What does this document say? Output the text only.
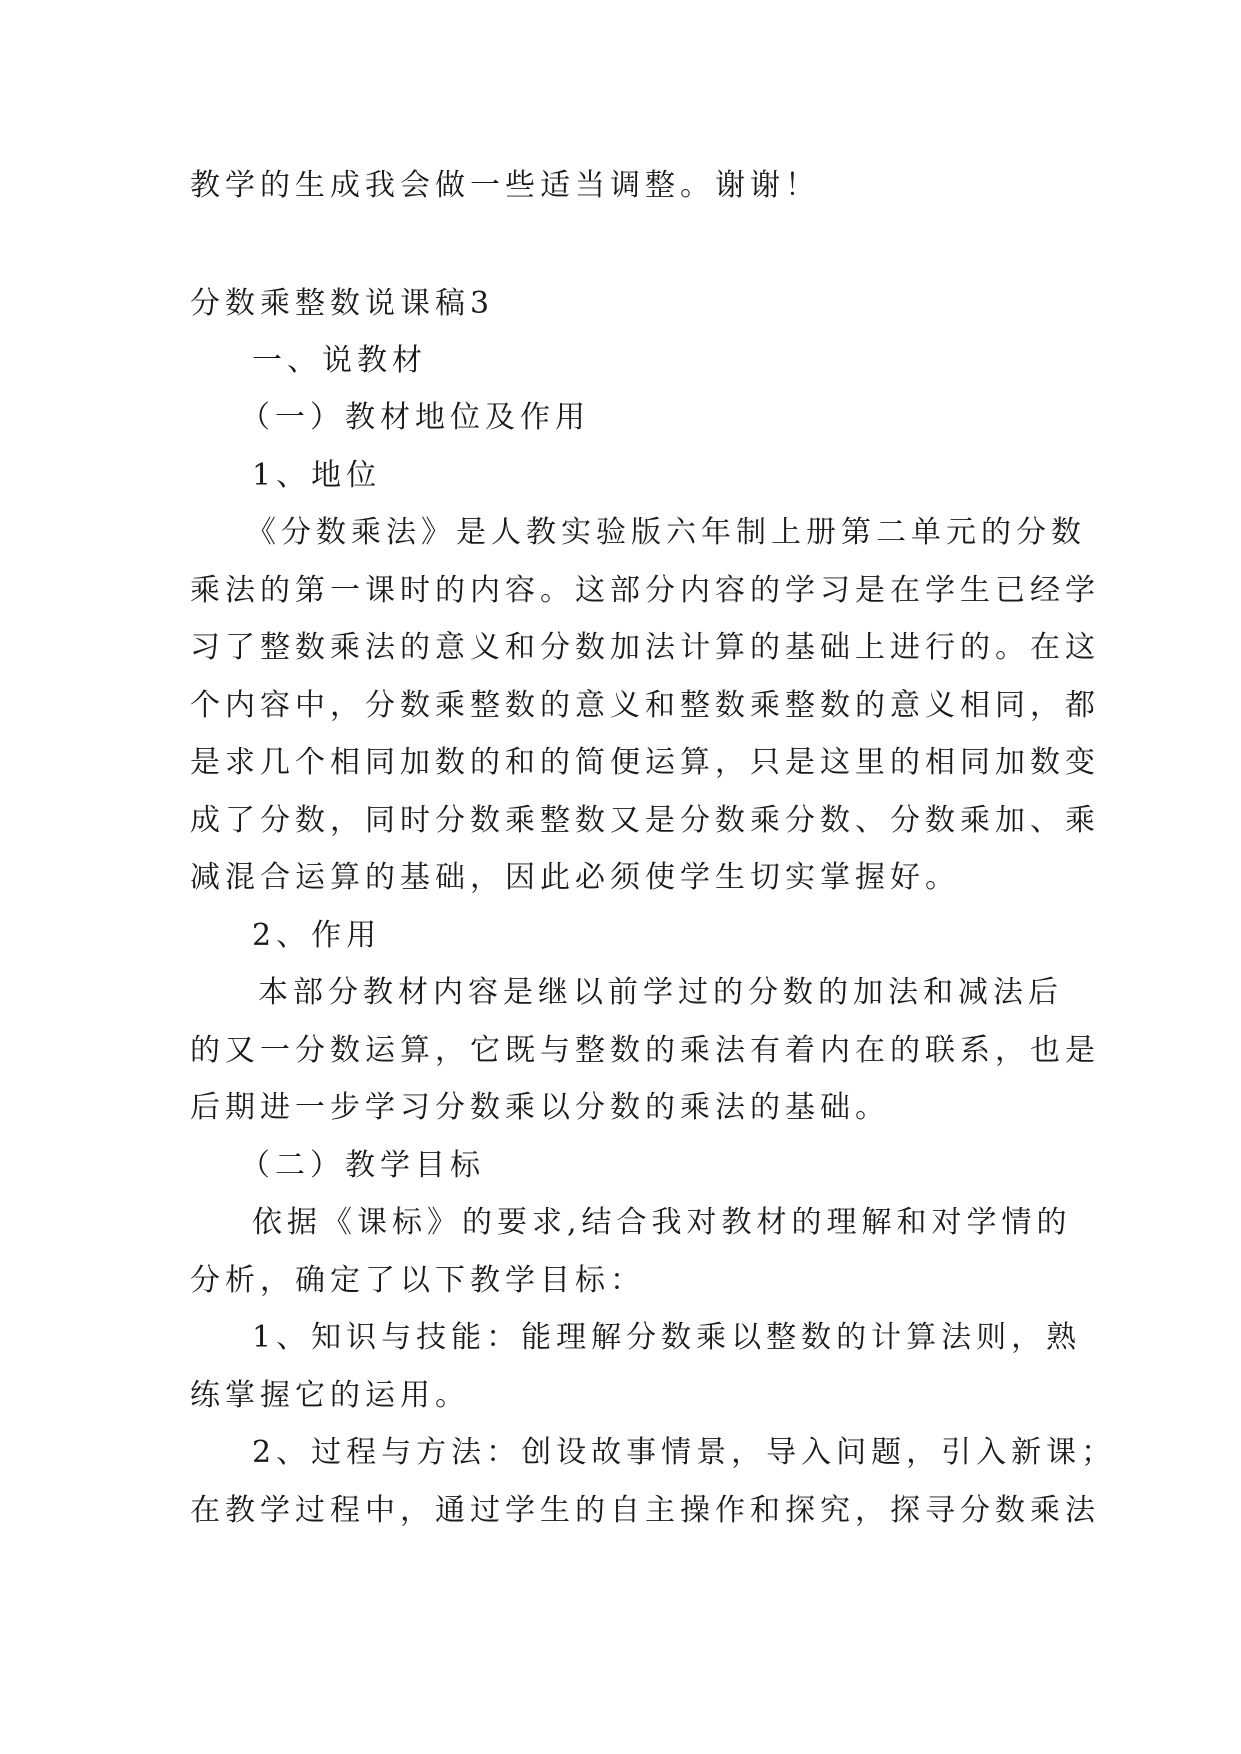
教学的生成我会做一些适当调整。谢谢！
分数乘整数说课稿3
一、说教材
（一）教材地位及作用
1、地位
《分数乘法》是人教实验版六年制上册第二单元的分数
乘法的第一课时的内容。这部分内容的学习是在学生已经学
习了整数乘法的意义和分数加法计算的基础上进行的。在这
个内容中，分数乘整数的意义和整数乘整数的意义相同，都
是求几个相同加数的和的简便运算，只是这里的相同加数变
成了分数，同时分数乘整数又是分数乘分数、分数乘加、乘
减混合运算的基础，因此必须使学生切实掌握好。
2、作用
本部分教材内容是继以前学过的分数的加法和减法后
的又一分数运算，它既与整数的乘法有着内在的联系，也是
后期进一步学习分数乘以分数的乘法的基础。
（二）教学目标
依据《课标》的要求,结合我对教材的理解和对学情的
分析，确定了以下教学目标：
1、知识与技能：能理解分数乘以整数的计算法则，熟
练掌握它的运用。
2、过程与方法：创设故事情景，导入问题，引入新课；
在教学过程中，通过学生的自主操作和探究，探寻分数乘法
